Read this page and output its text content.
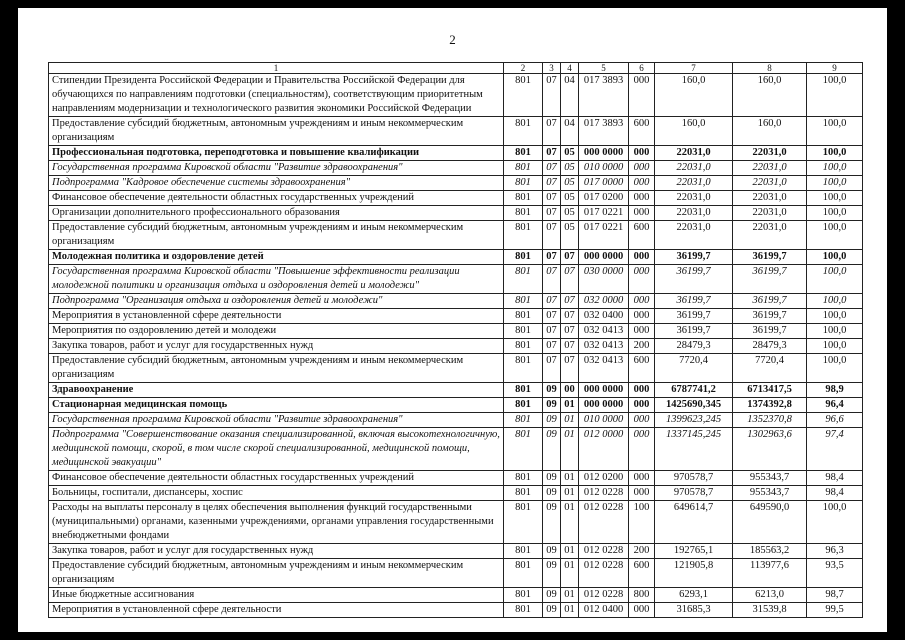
2
1	2	3	4	5	6	7	8	9
Стипендии Президента Российской Федерации и Правительства Российской Федерации для обучающихся по направлениям подготовки (специальностям), соответствующим приоритетным направлениям модернизации и технологического развития экономики Российской Федерации	801	07	04	017 3893	000	160,0	160,0	100,0
Предоставление субсидий бюджетным, автономным учреждениям и иным некоммерческим организациям	801	07	04	017 3893	600	160,0	160,0	100,0
Профессиональная подготовка, переподготовка и повышение квалификации	801	07	05	000 0000	000	22031,0	22031,0	100,0
Государственная программа Кировской области "Развитие здравоохранения"	801	07	05	010 0000	000	22031,0	22031,0	100,0
Подпрограмма "Кадровое обеспечение системы здравоохранения"	801	07	05	017 0000	000	22031,0	22031,0	100,0
Финансовое обеспечение деятельности областных государственных учреждений	801	07	05	017 0200	000	22031,0	22031,0	100,0
Организации дополнительного профессионального образования	801	07	05	017 0221	000	22031,0	22031,0	100,0
Предоставление субсидий бюджетным, автономным учреждениям и иным некоммерческим организациям	801	07	05	017 0221	600	22031,0	22031,0	100,0
Молодежная политика и оздоровление детей	801	07	07	000 0000	000	36199,7	36199,7	100,0
Государственная программа Кировской области "Повышение эффективности реализации молодежной политики и организация отдыха и оздоровления детей и молодежи"	801	07	07	030 0000	000	36199,7	36199,7	100,0
Подпрограмма "Организация отдыха и оздоровления детей и молодежи"	801	07	07	032 0000	000	36199,7	36199,7	100,0
Мероприятия в установленной сфере деятельности	801	07	07	032 0400	000	36199,7	36199,7	100,0
Мероприятия по оздоровлению детей и молодежи	801	07	07	032 0413	000	36199,7	36199,7	100,0
Закупка товаров, работ и услуг для государственных нужд	801	07	07	032 0413	200	28479,3	28479,3	100,0
Предоставление субсидий бюджетным, автономным учреждениям и иным некоммерческим организациям	801	07	07	032 0413	600	7720,4	7720,4	100,0
Здравоохранение	801	09	00	000 0000	000	6787741,2	6713417,5	98,9
Стационарная медицинская помощь	801	09	01	000 0000	000	1425690,345	1374392,8	96,4
Государственная программа Кировской области "Развитие здравоохранения"	801	09	01	010 0000	000	1399623,245	1352370,8	96,6
Подпрограмма "Совершенствование оказания специализированной, включая высокотехнологичную, медицинской помощи, скорой, в том числе скорой специализированной, медицинской помощи, медицинской эвакуации"	801	09	01	012 0000	000	1337145,245	1302963,6	97,4
Финансовое обеспечение деятельности областных государственных учреждений	801	09	01	012 0200	000	970578,7	955343,7	98,4
Больницы, госпитали, диспансеры, хоспис	801	09	01	012 0228	000	970578,7	955343,7	98,4
Расходы на выплаты персоналу в целях обеспечения выполнения функций государственными (муниципальными) органами, казенными учреждениями, органами управления государственными внебюджетными фондами	801	09	01	012 0228	100	649614,7	649590,0	100,0
Закупка товаров, работ и услуг для государственных нужд	801	09	01	012 0228	200	192765,1	185563,2	96,3
Предоставление субсидий бюджетным, автономным учреждениям и иным некоммерческим организациям	801	09	01	012 0228	600	121905,8	113977,6	93,5
Иные бюджетные ассигнования	801	09	01	012 0228	800	6293,1	6213,0	98,7
Мероприятия в установленной сфере деятельности	801	09	01	012 0400	000	31685,3	31539,8	99,5
